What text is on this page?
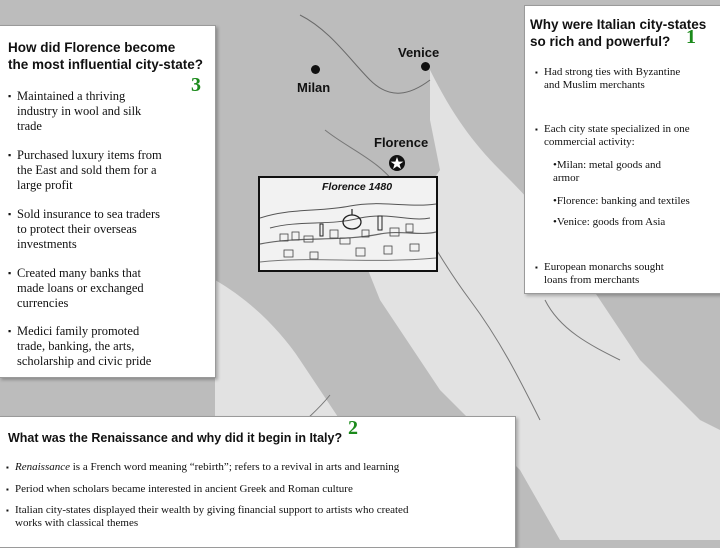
Venice
Milan
Florence
Florence 1480
How did Florence become
the most influential city-state?
3
▪ Maintained a thriving
industry in wool and silk
trade
▪ Purchased luxury items from
the East and sold them for a
large profit
▪ Sold insurance to sea traders
to protect their overseas
investments
▪ Created many banks that
made loans or exchanged
currencies
▪ Medici family promoted
trade, banking, the arts,
scholarship and civic pride
Why were Italian city-states
so rich and powerful? 1
▪ Had strong ties with Byzantine
and Muslim merchants
▪ Each city state specialized in one
commercial activity:
•Milan: metal goods and
armor
•Florence: banking and textiles
•Venice: goods from Asia
▪ European monarchs sought
loans from merchants
What was the Renaissance and why did it begin in Italy? 2
▪ Renaissance is a French word meaning “rebirth”; refers to a revival in arts and learning
▪ Period when scholars became interested in ancient Greek and Roman culture
▪ Italian city-states displayed their wealth by giving financial support to artists who created
works with classical themes
